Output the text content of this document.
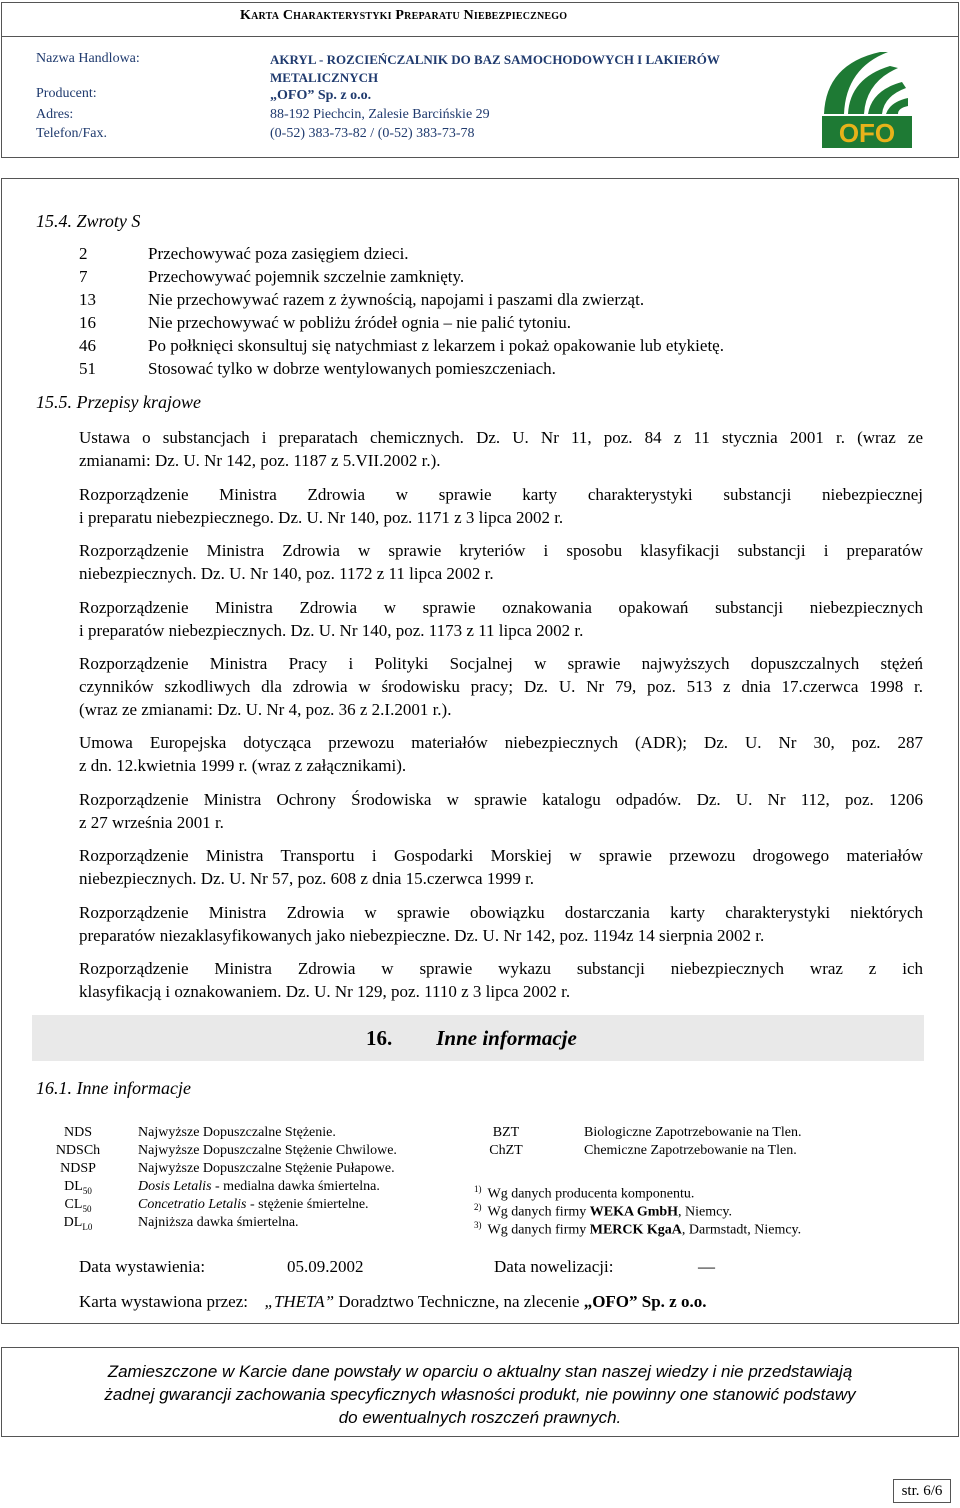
Karta Charakterystyki Preparatu Niebezpiecznego
Nazwa Handlowa:	AKRYL - ROZCIEŃCZALNIK DO BAZ SAMOCHODOWYCH I LAKIERÓW
METALICZNYCH
Producent:	„OFO” Sp. z o.o.
Adres:	88-192 Piechcin, Zalesie Barcińskie 29
Telefon/Fax.	(0-52) 383-73-82 / (0-52) 383-73-78	OFO
15.4. Zwroty S
2	Przechowywać poza zasięgiem dzieci.
7	Przechowywać pojemnik szczelnie zamknięty.
13	Nie przechowywać razem z żywnością, napojami i paszami dla zwierząt.
16	Nie przechowywać w pobliżu źródeł ognia – nie palić tytoniu.
46	Po połknięci skonsultuj się natychmiast z lekarzem i pokaż opakowanie lub etykietę.
51	Stosować tylko w dobrze wentylowanych pomieszczeniach.
15.5. Przepisy krajowe
Ustawa o substancjach i preparatach chemicznych. Dz. U. Nr 11, poz. 84 z 11 stycznia 2001 r. (wraz ze
zmianami: Dz. U. Nr 142, poz. 1187 z 5.VII.2002 r.).
Rozporządzenie Ministra Zdrowia w sprawie karty charakterystyki substancji niebezpiecznej
i preparatu niebezpiecznego. Dz. U. Nr 140, poz. 1171 z 3 lipca 2002 r.
Rozporządzenie Ministra Zdrowia w sprawie kryteriów i sposobu klasyfikacji substancji i preparatów
niebezpiecznych. Dz. U. Nr 140, poz. 1172 z 11 lipca 2002 r.
Rozporządzenie Ministra Zdrowia w sprawie oznakowania opakowań substancji niebezpiecznych
i preparatów niebezpiecznych. Dz. U. Nr 140, poz. 1173 z 11 lipca 2002 r.
Rozporządzenie Ministra Pracy i Polityki Socjalnej w sprawie najwyższych dopuszczalnych stężeń
czynników szkodliwych dla zdrowia w środowisku pracy; Dz. U. Nr 79, poz. 513 z dnia 17.czerwca 1998 r.
(wraz ze zmianami: Dz. U. Nr 4, poz. 36 z 2.I.2001 r.).
Umowa Europejska dotycząca przewozu materiałów niebezpiecznych (ADR); Dz. U. Nr 30, poz. 287
z dn. 12.kwietnia 1999 r. (wraz z załącznikami).
Rozporządzenie Ministra Ochrony Środowiska w sprawie katalogu odpadów. Dz. U. Nr 112, poz. 1206
z 27 września 2001 r.
Rozporządzenie Ministra Transportu i Gospodarki Morskiej w sprawie przewozu drogowego materiałów
niebezpiecznych. Dz. U. Nr 57, poz. 608 z dnia 15.czerwca 1999 r.
Rozporządzenie Ministra Zdrowia w sprawie obowiązku dostarczania karty charakterystyki niektórych
preparatów niezaklasyfikowanych jako niebezpieczne. Dz. U. Nr 142, poz. 1194z 14 sierpnia 2002 r.
Rozporządzenie Ministra Zdrowia w sprawie wykazu substancji niebezpiecznych wraz z ich
klasyfikacją i oznakowaniem. Dz. U. Nr 129, poz. 1110 z 3 lipca 2002 r.
16. Inne informacje
16.1. Inne informacje
NDS	Najwyższe Dopuszczalne Stężenie.
NDSCh	Najwyższe Dopuszczalne Stężenie Chwilowe.
NDSP	Najwyższe Dopuszczalne Stężenie Pułapowe.
$DL_{50}$	Dosis Letalis - medialna dawka śmiertelna.
$CL_{50}$	Concetratio Letalis - stężenie śmiertelne.
$DL_{L0}$	Najniższa dawka śmiertelna.
BZT	Biologiczne Zapotrzebowanie na Tlen.
ChZT	Chemiczne Zapotrzebowanie na Tlen.
$^{1)}$ Wg danych producenta komponentu.
$^{2)}$ Wg danych firmy WEKA GmbH, Niemcy.
$^{3)}$ Wg danych firmy MERCK KgaA, Darmstadt, Niemcy.
Data wystawienia:	05.09.2002	Data nowelizacji:	—
Karta wystawiona przez: „THETA” Doradztwo Techniczne, na zlecenie „OFO” Sp. z o.o.
Zamieszczone w Karcie dane powstały w oparciu o aktualny stan naszej wiedzy i nie przedstawiają
żadnej gwarancji zachowania specyficznych własności produkt, nie powinny one stanowić podstawy
do ewentualnych roszczeń prawnych.
str. 6/6
